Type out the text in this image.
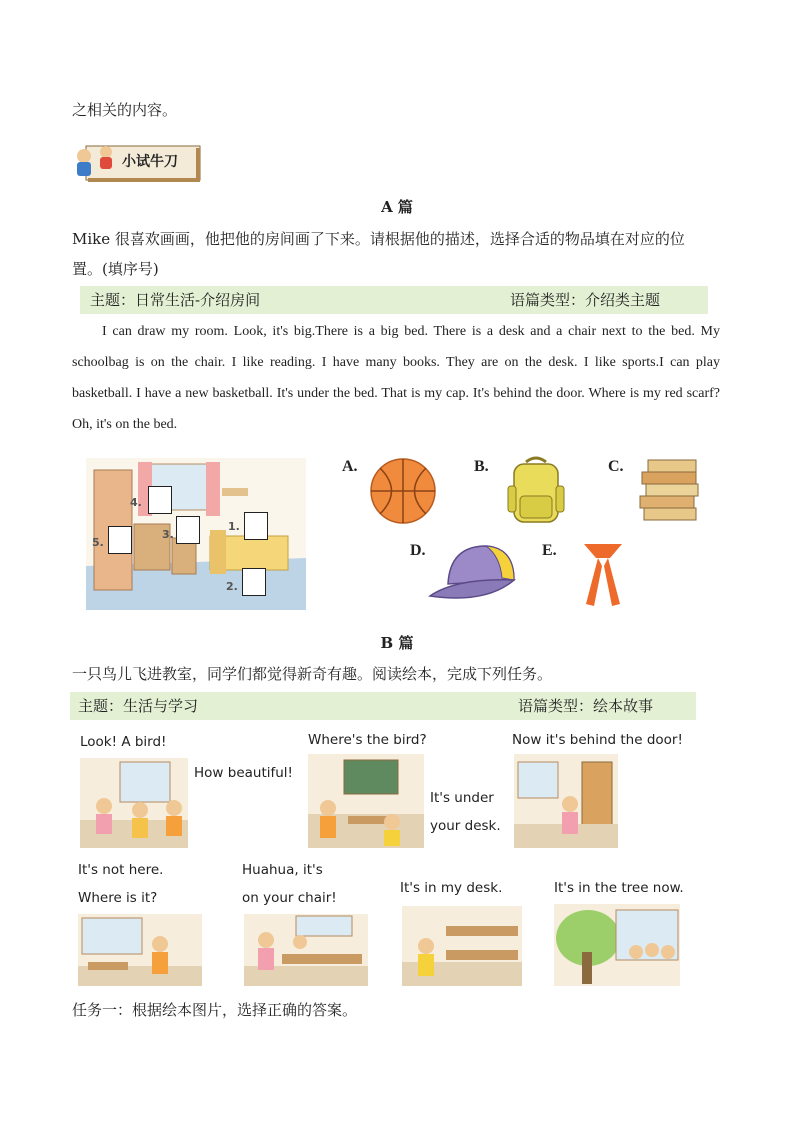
之相关的内容。
小试牛刀
A 篇
Mike 很喜欢画画，他把他的房间画了下来。请根据他的描述，选择合适的物品填在对应的位
置。(填序号)
主题：日常生活-介绍房间	语篇类型：介绍类主题
I can draw my room. Look, it's big.There is a big bed. There is a desk and a chair next to the bed. My schoolbag is on the chair. I like reading. I have many books. They are on the desk. I like sports.I can play basketball. I have a new basketball. It's under the bed. That is my cap. It's behind the door. Where is my red scarf? Oh, it's on the bed.
4.
5.
3.
1.
2.
A.	B.	C.
D.	E.
B 篇
一只鸟儿飞进教室，同学们都觉得新奇有趣。阅读绘本，完成下列任务。
主题：生活与学习	语篇类型：绘本故事
Look! A bird!
How beautiful!
Where's the bird?
It's under
your desk.
Now it's behind the door!
It's not here.
Where is it?
Huahua, it's
on your chair!
It's in my desk.	It's in the tree now.
任务一：根据绘本图片，选择正确的答案。
